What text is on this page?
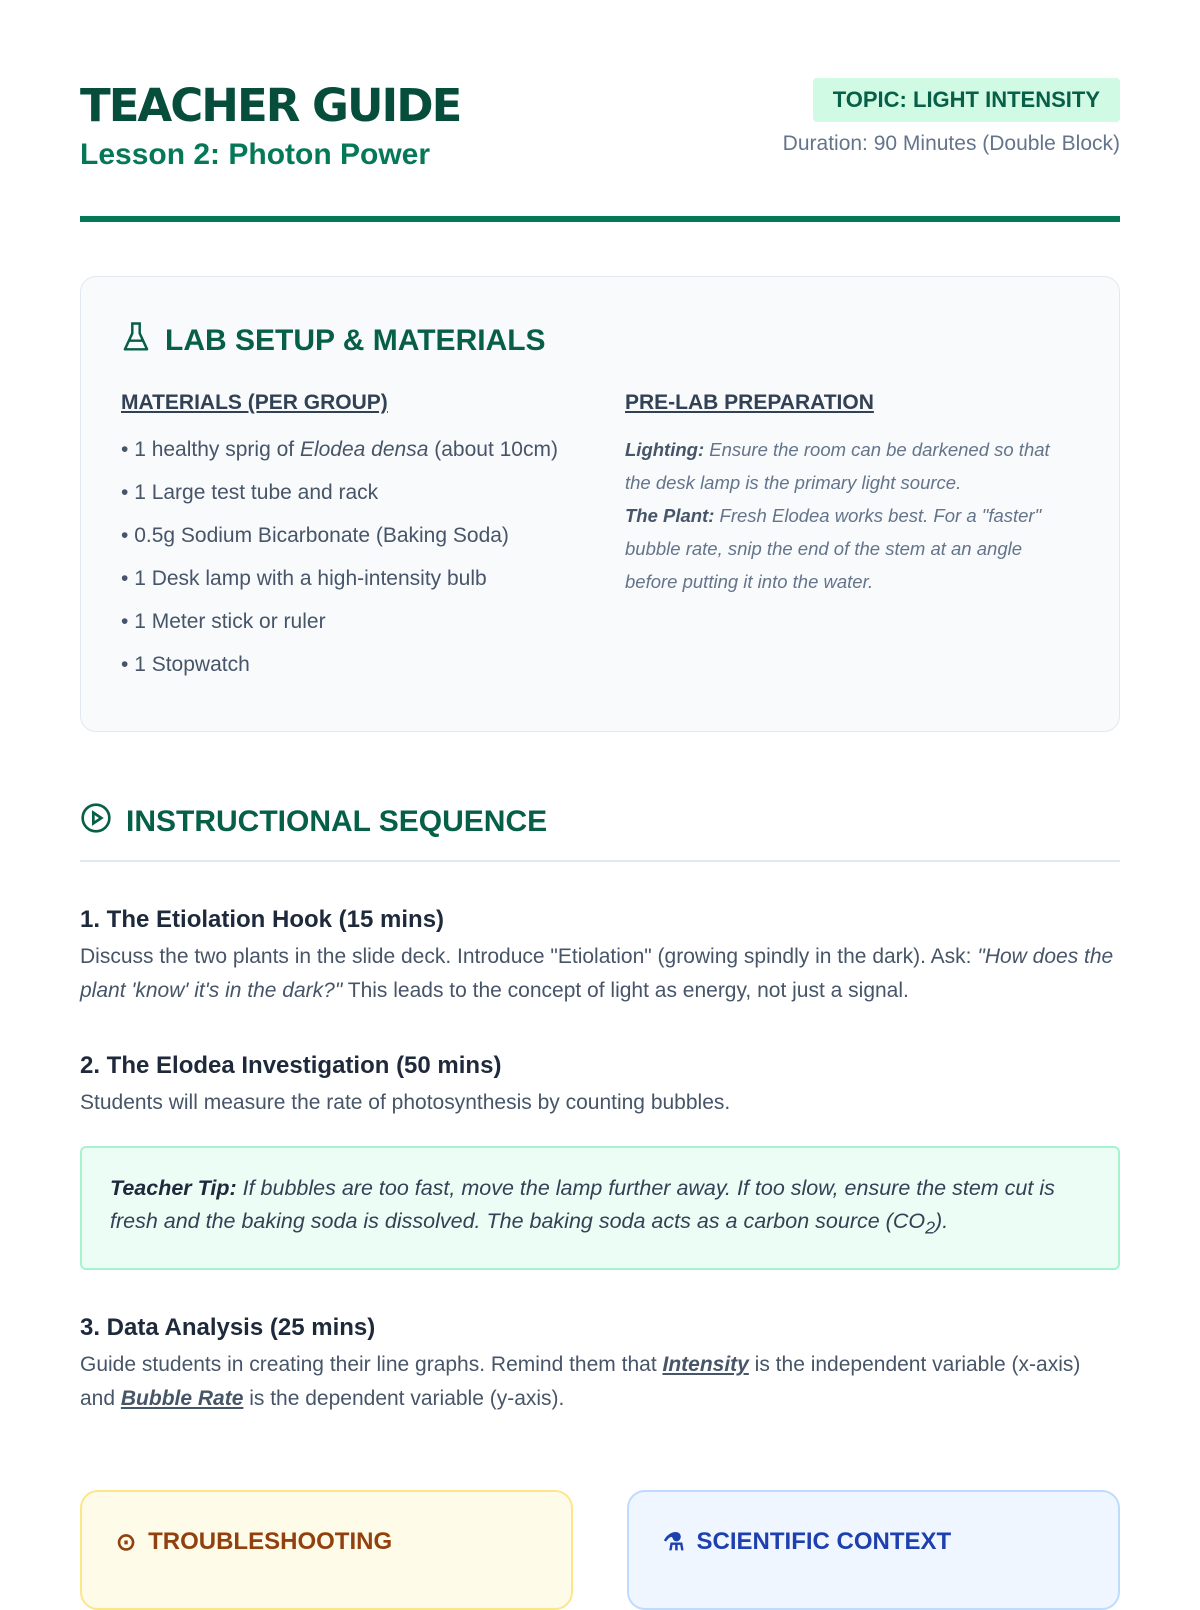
TEACHER GUIDE
Lesson 2: Photon Power
TOPIC: LIGHT INTENSITY
Duration: 90 Minutes (Double Block)
LAB SETUP & MATERIALS
MATERIALS (PER GROUP)
• 1 healthy sprig of Elodea densa (about 10cm)
• 1 Large test tube and rack
• 0.5g Sodium Bicarbonate (Baking Soda)
• 1 Desk lamp with a high-intensity bulb
• 1 Meter stick or ruler
• 1 Stopwatch
PRE-LAB PREPARATION
Lighting: Ensure the room can be darkened so that the desk lamp is the primary light source.
The Plant: Fresh Elodea works best. For a "faster" bubble rate, snip the end of the stem at an angle before putting it into the water.
INSTRUCTIONAL SEQUENCE
1. The Etiolation Hook (15 mins)

Discuss the two plants in the slide deck. Introduce "Etiolation" (growing spindly in the dark). Ask: "How does the plant 'know' it's in the dark?" This leads to the concept of light as energy, not just a signal.

2. The Elodea Investigation (50 mins)

Students will measure the rate of photosynthesis by counting bubbles.

Teacher Tip: If bubbles are too fast, move the lamp further away. If too slow, ensure the stem cut is fresh and the baking soda is dissolved. The baking soda acts as a carbon source $(CO_2)$.
3. Data Analysis (25 mins)

Guide students in creating their line graphs. Remind them that Intensity is the independent variable (x-axis) and Bubble Rate is the dependent variable (y-axis).

⊙ TROUBLESHOOTING	⚗ SCIENTIFIC CONTEXT
